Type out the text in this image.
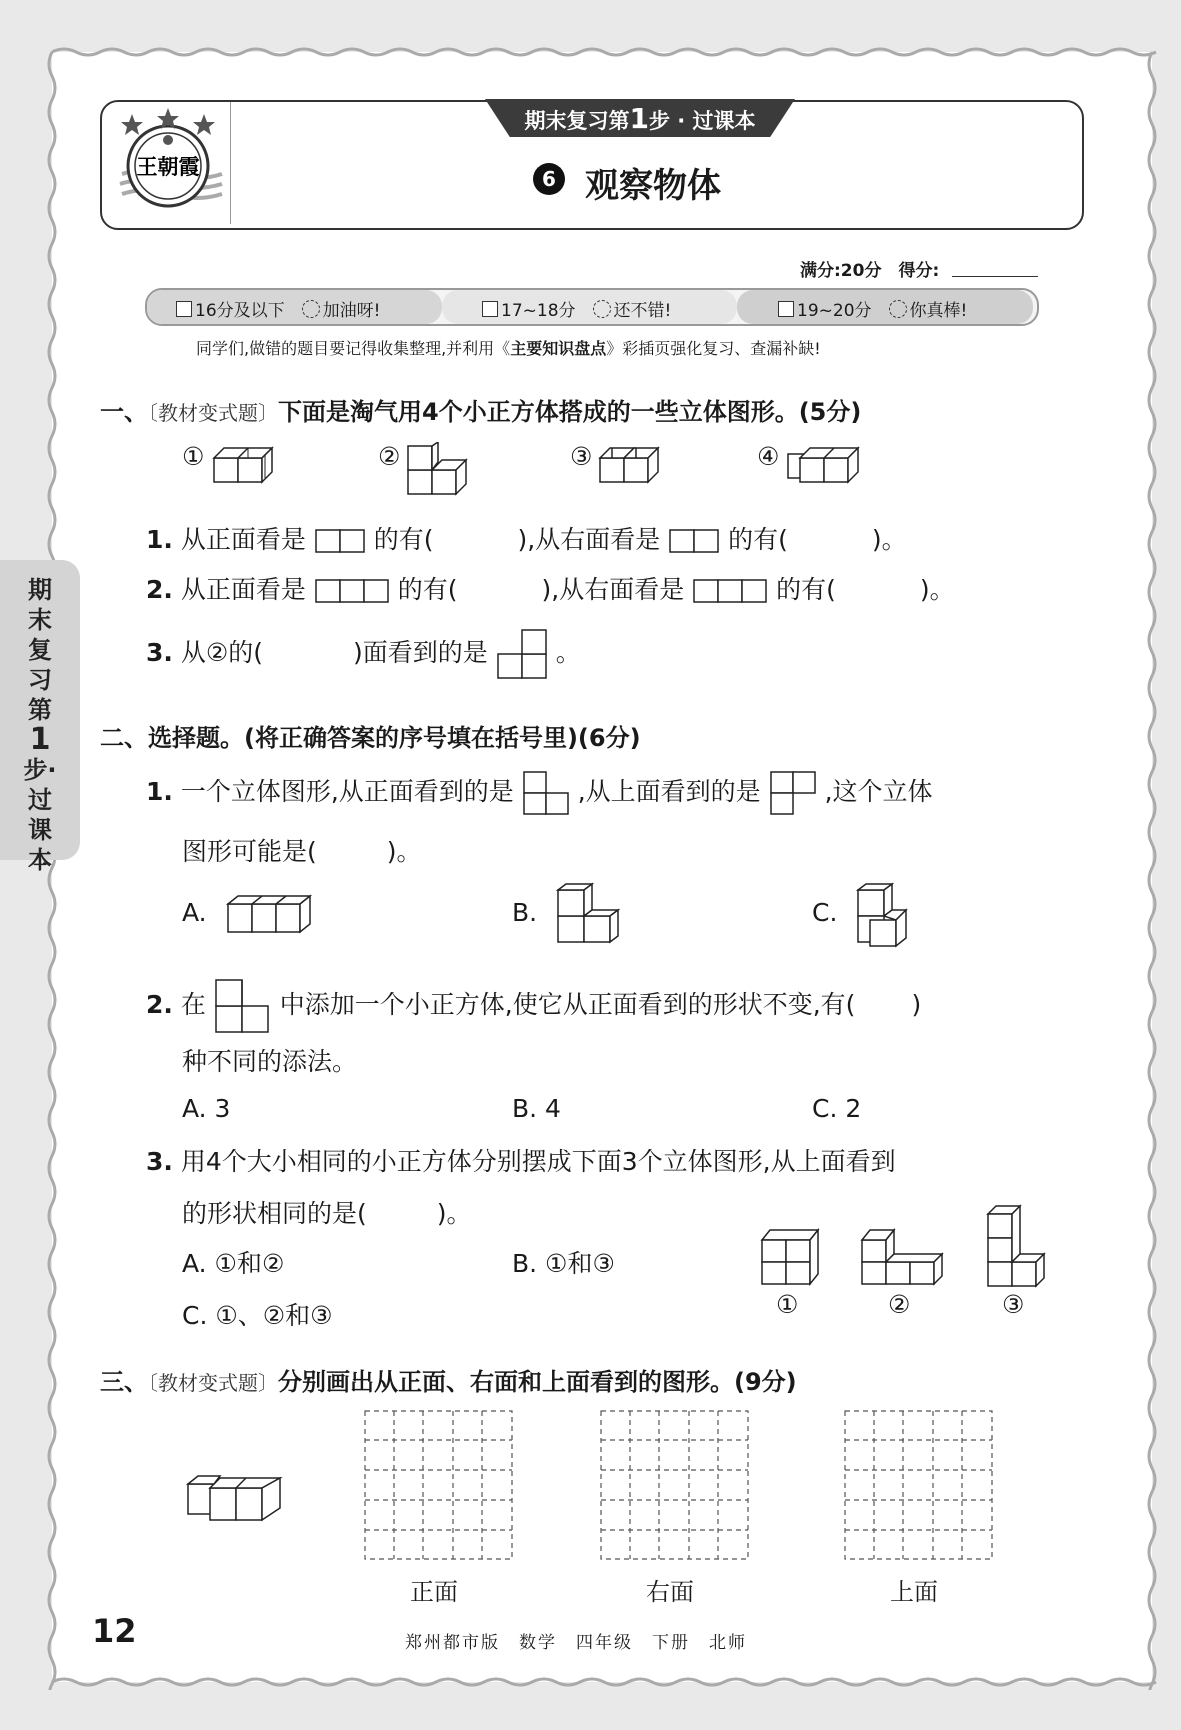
期
末
复
习
第
1
步·
过
课
本
王朝霞
期末复习第1步 · 过课本
6 观察物体
满分:20分　得分:
16分及以下　 加油呀!	17~18分　 还不错!	19~20分　 你真棒!
同学们,做错的题目要记得收集整理,并利用《主要知识盘点》彩插页强化复习、查漏补缺!
一、〔教材变式题〕下面是淘气用4个小正方体搭成的一些立体图形。(5分)
①	②	③	④
1. 从正面看是	的有(	),从右面看是	的有(	)。
2. 从正面看是	的有(	),从右面看是	的有(	)。
3. 从②的(	)面看到的是	。
二、选择题。(将正确答案的序号填在括号里)(6分)
1. 一个立体图形,从正面看到的是	,从上面看到的是	,这个立体
图形可能是(	)。
A.	B.	C.
2. 在	中添加一个小正方体,使它从正面看到的形状不变,有( )
种不同的添法。
A. 3	B. 4	C. 2
3. 用4个大小相同的小正方体分别摆成下面3个立体图形,从上面看到
的形状相同的是(	)。
A. ①和②	B. ①和③
C. ①、②和③	①	②	③
三、〔教材变式题〕分别画出从正面、右面和上面看到的图形。(9分)
正面	右面	上面
12	郑州都市版　数学　四年级　下册　北师
